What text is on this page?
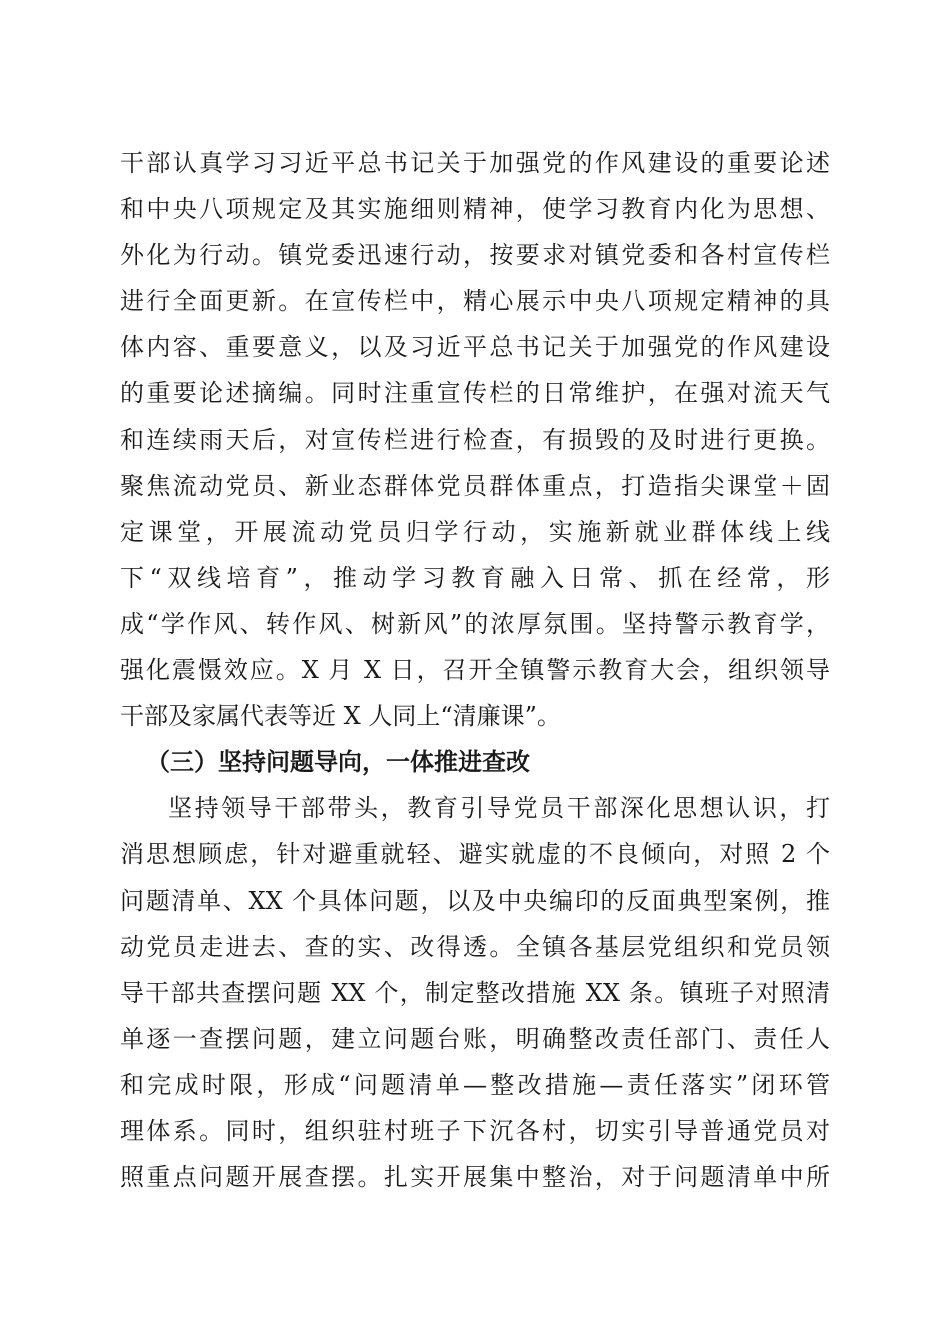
干部认真学习习近平总书记关于加强党的作风建设的重要论述
和中央八项规定及其实施细则精神，使学习教育内化为思想、
外化为行动。镇党委迅速行动，按要求对镇党委和各村宣传栏
进行全面更新。在宣传栏中，精心展示中央八项规定精神的具
体内容、重要意义，以及习近平总书记关于加强党的作风建设
的重要论述摘编。同时注重宣传栏的日常维护，在强对流天气
和连续雨天后，对宣传栏进行检查，有损毁的及时进行更换。
聚焦流动党员、新业态群体党员群体重点，打造指尖课堂＋固
定课堂，开展流动党员归学行动，实施新就业群体线上线
下“双线培育”，推动学习教育融入日常、抓在经常，形
成“学作风、转作风、树新风”的浓厚氛围。坚持警示教育学，
强化震慑效应。X 月 X 日，召开全镇警示教育大会，组织领导
干部及家属代表等近 X 人同上“清廉课”。
（三）坚持问题导向，一体推进查改
坚持领导干部带头，教育引导党员干部深化思想认识，打
消思想顾虑，针对避重就轻、避实就虚的不良倾向，对照 2 个
问题清单、XX 个具体问题，以及中央编印的反面典型案例，推
动党员走进去、查的实、改得透。全镇各基层党组织和党员领
导干部共查摆问题 XX 个，制定整改措施 XX 条。镇班子对照清
单逐一查摆问题，建立问题台账，明确整改责任部门、责任人
和完成时限，形成“问题清单—整改措施—责任落实”闭环管
理体系。同时，组织驻村班子下沉各村，切实引导普通党员对
照重点问题开展查摆。扎实开展集中整治，对于问题清单中所
